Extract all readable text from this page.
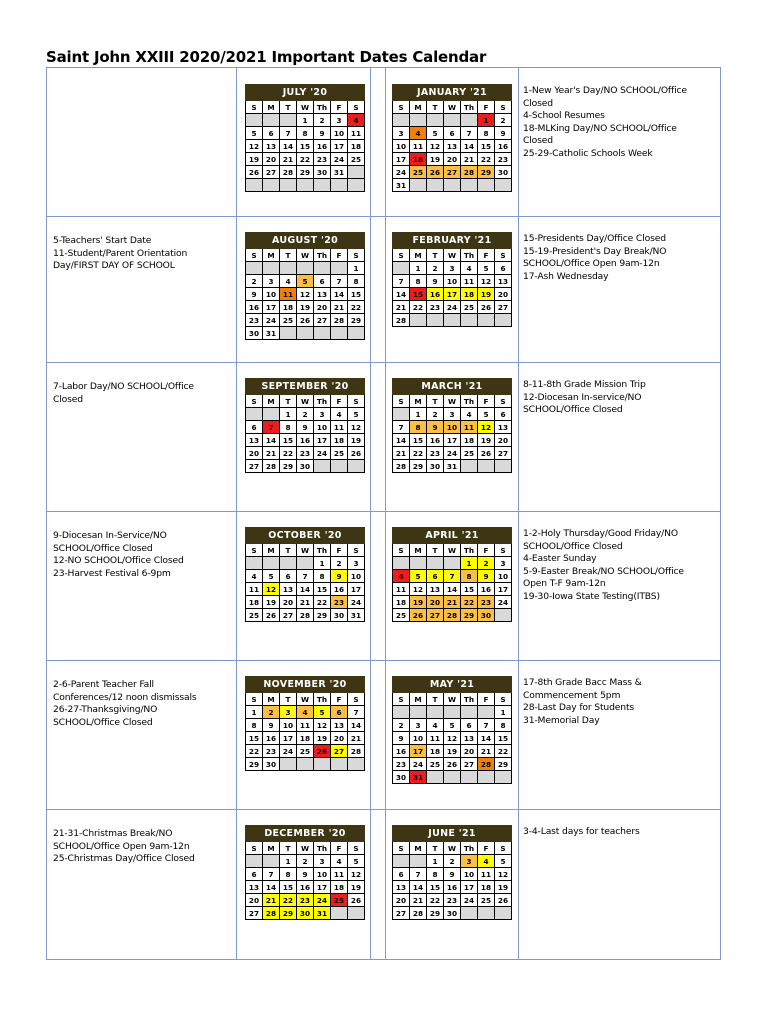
Saint John XXIII 2020/2021 Important Dates Calendar
1-New Year's Day/NO SCHOOL/Office
Closed
4-School Resumes
18-MLKing Day/NO SCHOOL/Office
Closed
25-29-Catholic Schools Week
JULY '20						
S	M	T	W	Th	F	S
			1	2	3	4
5	6	7	8	9	10	11
12	13	14	15	16	17	18
19	20	21	22	23	24	25
26	27	28	29	30	31	

JANUARY '21						
S	M	T	W	Th	F	S
					1	2
3	4	5	6	7	8	9
10	11	12	13	14	15	16
17	18	19	20	21	22	23
24	25	26	27	28	29	30
31						
5-Teachers' Start Date
11-Student/Parent Orientation
Day/FIRST DAY OF SCHOOL
15-Presidents Day/Office Closed
15-19-President's Day Break/NO
SCHOOL/Office Open 9am-12n
17-Ash Wednesday
AUGUST '20						
S	M	T	W	Th	F	S
						1
2	3	4	5	6	7	8
9	10	11	12	13	14	15
16	17	18	19	20	21	22
23	24	25	26	27	28	29
30	31					
FEBRUARY '21						
S	M	T	W	Th	F	S
	1	2	3	4	5	6
7	8	9	10	11	12	13
14	15	16	17	18	19	20
21	22	23	24	25	26	27
28						
7-Labor Day/NO SCHOOL/Office
Closed
8-11-8th Grade Mission Trip
12-Diocesan In-service/NO
SCHOOL/Office Closed
SEPTEMBER '20						
S	M	T	W	Th	F	S
		1	2	3	4	5
6	7	8	9	10	11	12
13	14	15	16	17	18	19
20	21	22	23	24	25	26
27	28	29	30			
MARCH '21						
S	M	T	W	Th	F	S
	1	2	3	4	5	6
7	8	9	10	11	12	13
14	15	16	17	18	19	20
21	22	23	24	25	26	27
28	29	30	31			
9-Diocesan In-Service/NO
SCHOOL/Office Closed
12-NO SCHOOL/Office Closed
23-Harvest Festival 6-9pm
1-2-Holy Thursday/Good Friday/NO
SCHOOL/Office Closed
4-Easter Sunday
5-9-Easter Break/NO SCHOOL/Office
Open T-F 9am-12n
19-30-Iowa State Testing(ITBS)
OCTOBER '20						
S	M	T	W	Th	F	S
				1	2	3
4	5	6	7	8	9	10
11	12	13	14	15	16	17
18	19	20	21	22	23	24
25	26	27	28	29	30	31
APRIL '21						
S	M	T	W	Th	F	S
				1	2	3
4	5	6	7	8	9	10
11	12	13	14	15	16	17
18	19	20	21	22	23	24
25	26	27	28	29	30	
2-6-Parent Teacher Fall
Conferences/12 noon dismissals
26-27-Thanksgiving/NO
SCHOOL/Office Closed
17-8th Grade Bacc Mass &
Commencement 5pm
28-Last Day for Students
31-Memorial Day
NOVEMBER '20						
S	M	T	W	Th	F	S
1	2	3	4	5	6	7
8	9	10	11	12	13	14
15	16	17	18	19	20	21
22	23	24	25	26	27	28
29	30					
MAY '21						
S	M	T	W	Th	F	S
						1
2	3	4	5	6	7	8
9	10	11	12	13	14	15
16	17	18	19	20	21	22
23	24	25	26	27	28	29
30	31					
21-31-Christmas Break/NO
SCHOOL/Office Open 9am-12n
25-Christmas Day/Office Closed
3-4-Last days for teachers
DECEMBER '20						
S	M	T	W	Th	F	S
		1	2	3	4	5
6	7	8	9	10	11	12
13	14	15	16	17	18	19
20	21	22	23	24	25	26
27	28	29	30	31		
JUNE '21						
S	M	T	W	Th	F	S
		1	2	3	4	5
6	7	8	9	10	11	12
13	14	15	16	17	18	19
20	21	22	23	24	25	26
27	28	29	30			
